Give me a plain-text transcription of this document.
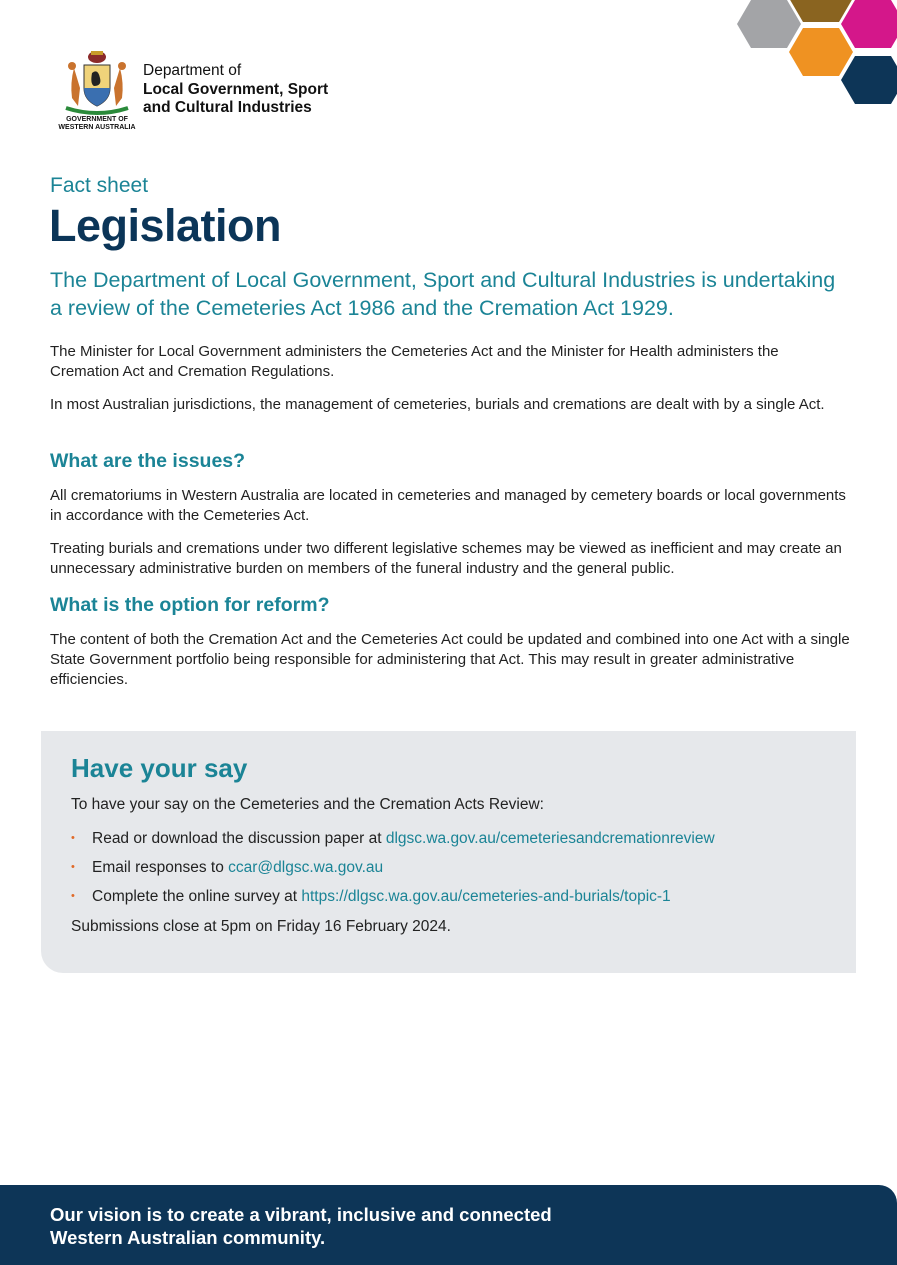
GOVERNMENT OF
WESTERN AUSTRALIA
Department of
Local Government, Sport
and Cultural Industries
Fact sheet
Legislation

The Department of Local Government, Sport and Cultural Industries is undertaking a review of the Cemeteries Act 1986 and the Cremation Act 1929.

The Minister for Local Government administers the Cemeteries Act and the Minister for Health administers the Cremation Act and Cremation Regulations.

In most Australian jurisdictions, the management of cemeteries, burials and cremations are dealt with by a single Act.

What are the issues?

All crematoriums in Western Australia are located in cemeteries and managed by cemetery boards or local governments in accordance with the Cemeteries Act.

Treating burials and cremations under two different legislative schemes may be viewed as inefficient and may create an unnecessary administrative burden on members of the funeral industry and the general public.

What is the option for reform?

The content of both the Cremation Act and the Cemeteries Act could be updated and combined into one Act with a single State Government portfolio being responsible for administering that Act. This may result in greater administrative efficiencies.

Have your say
To have your say on the Cemeteries and the Cremation Acts Review:
• Read or download the discussion paper at dlgsc.wa.gov.au/cemeteriesandcremationreview
• Email responses to ccar@dlgsc.wa.gov.au
• Complete the online survey at https://dlgsc.wa.gov.au/cemeteries-and-burials/topic-1
Submissions close at 5pm on Friday 16 February 2024.
Our vision is to create a vibrant, inclusive and connected
Western Australian community.
